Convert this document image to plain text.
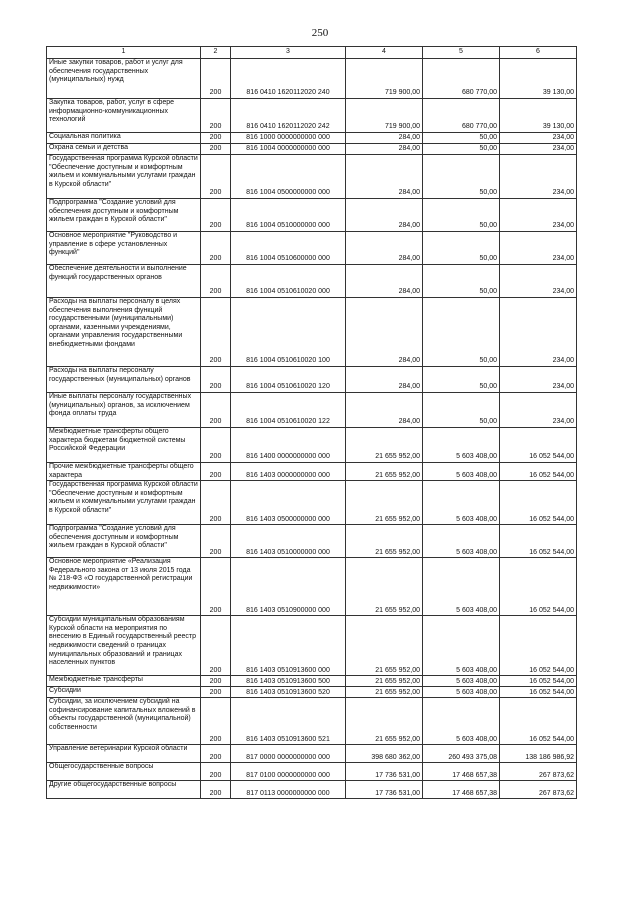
250
1	2	3	4	5	6
Иные закупки товаров, работ и услуг для обеспечения государственных (муниципальных) нужд	200	816 0410 1620112020 240	719 900,00	680 770,00	39 130,00
Закупка товаров, работ, услуг в сфере информационно-коммуникационных технологий	200	816 0410 1620112020 242	719 900,00	680 770,00	39 130,00
Социальная политика	200	816 1000 0000000000 000	284,00	50,00	234,00
Охрана семьи и детства	200	816 1004 0000000000 000	284,00	50,00	234,00
Государственная программа Курской области "Обеспечение доступным и комфортным жильем и коммунальными услугами граждан в Курской области"	200	816 1004 0500000000 000	284,00	50,00	234,00
Подпрограмма "Создание условий для обеспечения доступным и комфортным жильем граждан в Курской области"	200	816 1004 0510000000 000	284,00	50,00	234,00
Основное мероприятие "Руководство и управление в сфере установленных функций"	200	816 1004 0510600000 000	284,00	50,00	234,00
Обеспечение деятельности и выполнение функций государственных органов	200	816 1004 0510610020 000	284,00	50,00	234,00
Расходы на выплаты персоналу в целях обеспечения выполнения функций государственными (муниципальными) органами, казенными учреждениями, органами управления государственными внебюджетными фондами	200	816 1004 0510610020 100	284,00	50,00	234,00
Расходы на выплаты персоналу государственных (муниципальных) органов	200	816 1004 0510610020 120	284,00	50,00	234,00
Иные выплаты персоналу государственных (муниципальных) органов, за исключением фонда оплаты труда	200	816 1004 0510610020 122	284,00	50,00	234,00
Межбюджетные трансферты общего характера бюджетам бюджетной системы Российской Федерации	200	816 1400 0000000000 000	21 655 952,00	5 603 408,00	16 052 544,00
Прочие межбюджетные трансферты общего характера	200	816 1403 0000000000 000	21 655 952,00	5 603 408,00	16 052 544,00
Государственная программа Курской области "Обеспечение доступным и комфортным жильем и коммунальными услугами граждан в Курской области"	200	816 1403 0500000000 000	21 655 952,00	5 603 408,00	16 052 544,00
Подпрограмма "Создание условий для обеспечения доступным и комфортным жильем граждан в Курской области"	200	816 1403 0510000000 000	21 655 952,00	5 603 408,00	16 052 544,00
Основное мероприятие «Реализация Федерального закона от 13 июля 2015 года № 218-ФЗ «О государственной регистрации недвижимости»	200	816 1403 0510900000 000	21 655 952,00	5 603 408,00	16 052 544,00
Субсидии муниципальным образованиям Курской области на мероприятия по внесению в Единый государственный реестр недвижимости сведений о границах муниципальных образований и границах населенных пунктов	200	816 1403 0510913600 000	21 655 952,00	5 603 408,00	16 052 544,00
Межбюджетные трансферты	200	816 1403 0510913600 500	21 655 952,00	5 603 408,00	16 052 544,00
Субсидии	200	816 1403 0510913600 520	21 655 952,00	5 603 408,00	16 052 544,00
Субсидии, за исключением субсидий на софинансирование капитальных вложений в объекты государственной (муниципальной) собственности	200	816 1403 0510913600 521	21 655 952,00	5 603 408,00	16 052 544,00
Управление ветеринарии Курской области	200	817 0000 0000000000 000	398 680 362,00	260 493 375,08	138 186 986,92
Общегосударственные вопросы	200	817 0100 0000000000 000	17 736 531,00	17 468 657,38	267 873,62
Другие общегосударственные вопросы	200	817 0113 0000000000 000	17 736 531,00	17 468 657,38	267 873,62
